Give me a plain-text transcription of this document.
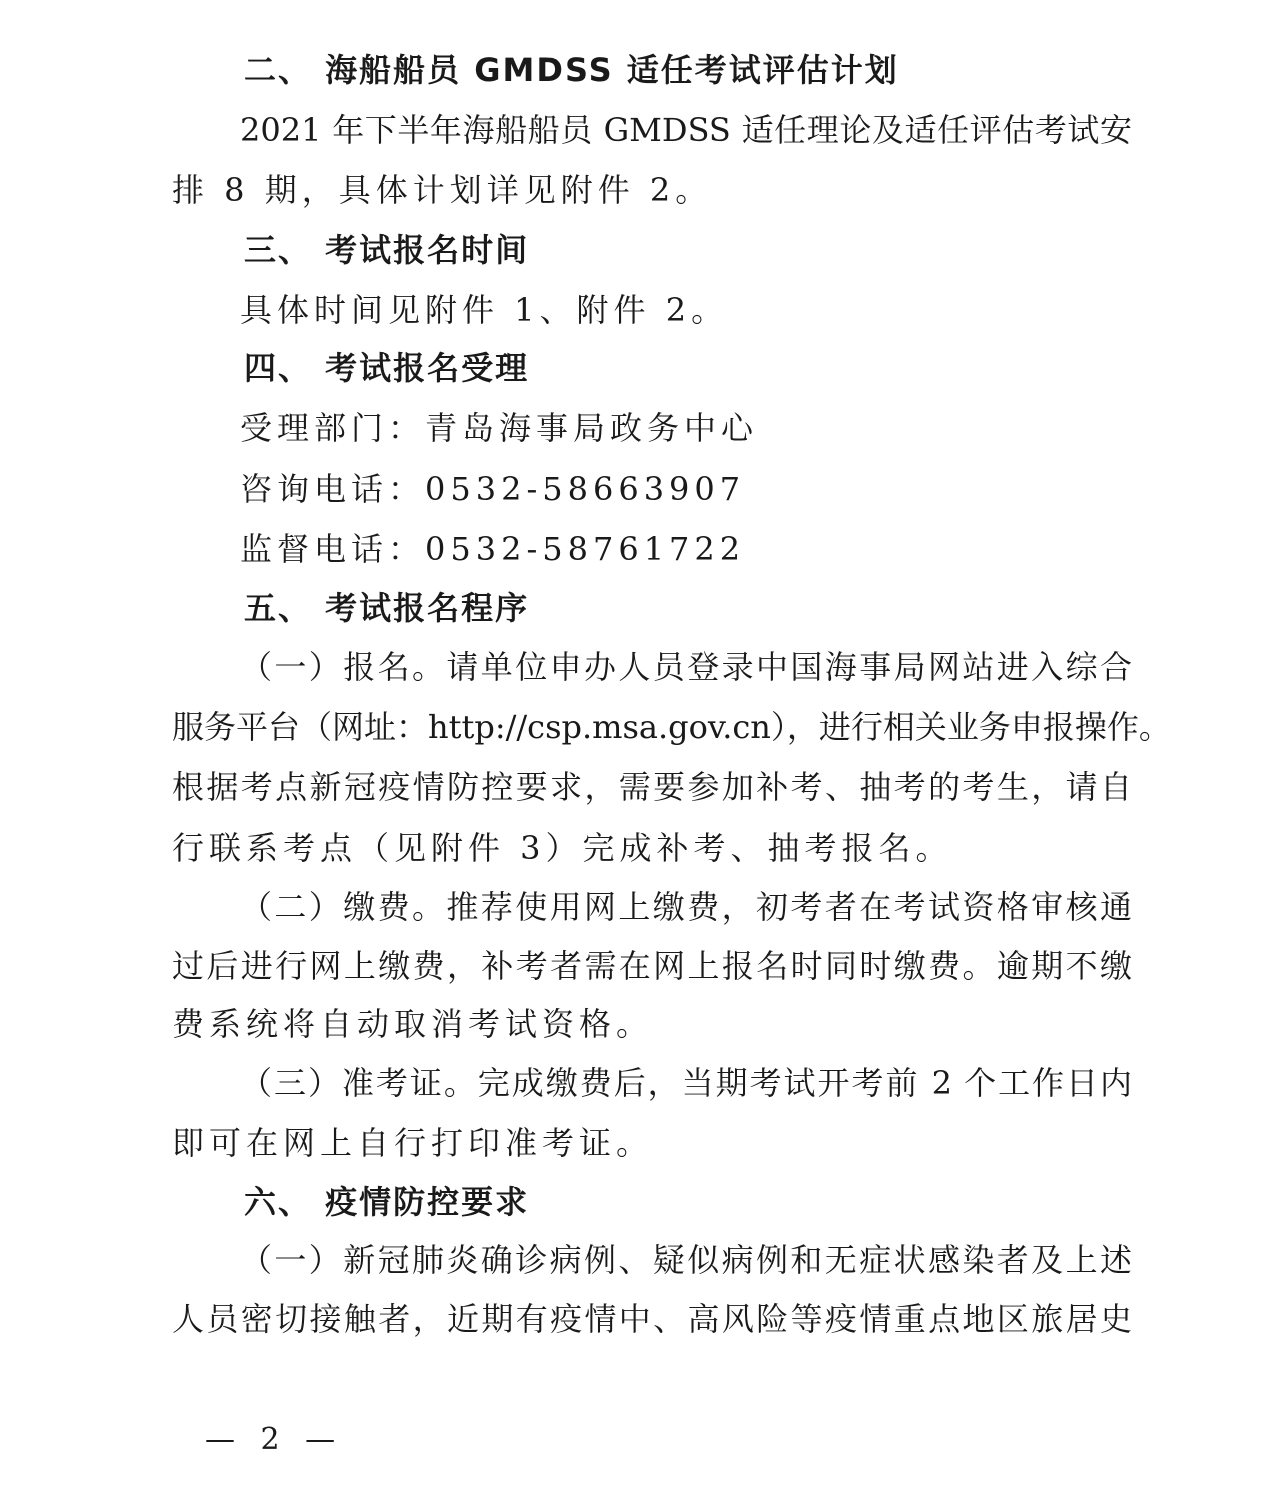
二、 海船船员 GMDSS 适任考试评估计划
2021 年下半年海船船员 GMDSS 适任理论及适任评估考试安
排 8 期，具体计划详见附件 2。
三、 考试报名时间
具体时间见附件 1、附件 2。
四、 考试报名受理
受理部门：青岛海事局政务中心
咨询电话：0532-58663907
监督电话：0532-58761722
五、 考试报名程序
（一）报名。请单位申办人员登录中国海事局网站进入综合
服务平台（网址：http://csp.msa.gov.cn），进行相关业务申报操作。
根据考点新冠疫情防控要求，需要参加补考、抽考的考生，请自
行联系考点（见附件 3）完成补考、抽考报名。
（二）缴费。推荐使用网上缴费，初考者在考试资格审核通
过后进行网上缴费，补考者需在网上报名时同时缴费。逾期不缴
费系统将自动取消考试资格。
（三）准考证。完成缴费后，当期考试开考前 2 个工作日内
即可在网上自行打印准考证。
六、 疫情防控要求
（一）新冠肺炎确诊病例、疑似病例和无症状感染者及上述
人员密切接触者，近期有疫情中、高风险等疫情重点地区旅居史
— 2 —
